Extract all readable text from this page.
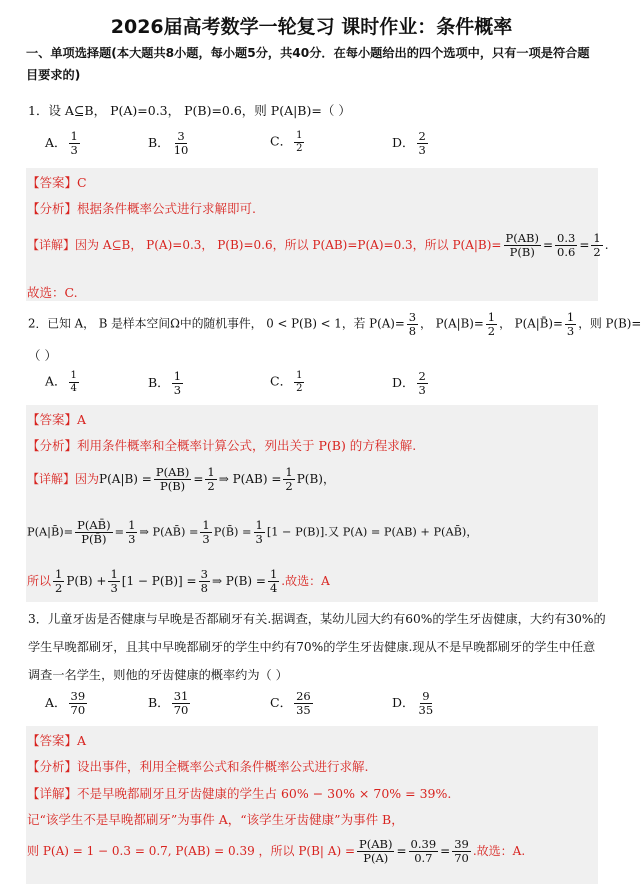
2026届高考数学一轮复习 课时作业：条件概率
一、单项选择题(本大题共8小题，每小题5分，共40分．在每小题给出的四个选项中，只有一项是符合题
目要求的)
1．设 A⊆B， P(A)=0.3， P(B)=0.6，则 P(A|B)=（ ）
A． $\frac{1}{3}$	B． $\frac{3}{10}$	C． $\frac{1}{2}$	D． $\frac{2}{3}$
【答案】C
【分析】根据条件概率公式进行求解即可.
【详解】因为 A⊆B， P(A)=0.3， P(B)=0.6，所以 P(AB)=P(A)=0.3，所以 $P(A|B)= \frac{P(AB)}{P(B)} = \frac{0.3}{0.6} = \frac{1}{2}$ .
故选：C.
2．已知 A， B 是样本空间Ω中的随机事件， 0 < P(B) < 1，若 $P(A)= \frac{3}{8}$ ， $P(A|B)= \frac{1}{2}$ ， P(A|B̄)= $\frac{1}{3}$ ，则 P(B)=
（ ）
A． $\frac{1}{4}$	B． $\frac{1}{3}$	C． $\frac{1}{2}$	D． $\frac{2}{3}$
【答案】A
【分析】利用条件概率和全概率计算公式，列出关于 P(B) 的方程求解.
【详解】因为$P(A|B) = \frac{P(AB)}{P(B)} = \frac{1}{2}$ ⇒ $P(AB) = \frac{1}{2} P(B)$，
P(A|B̄)= $\frac{P(AB̄)}{P(B̄)} = \frac{1}{3}$ ⇒ P(AB̄) = $\frac{1}{3}$ P(B̄) = $\frac{1}{3} [1 - P(B)]$.又 P(A) = P(AB) + P(AB̄)，
所以 $\frac{1}{2} P(B) + \frac{1}{3} [1 - P(B)] = \frac{3}{8}$ ⇒ $P(B) = \frac{1}{4}$ .故选：A
3．儿童牙齿是否健康与早晚是否都刷牙有关.据调查，某幼儿园大约有60%的学生牙齿健康，大约有30%的
学生早晚都刷牙，且其中早晚都刷牙的学生中约有70%的学生牙齿健康.现从不是早晚都刷牙的学生中任意
调查一名学生，则他的牙齿健康的概率约为（ ）
A． $\frac{39}{70}$	B． $\frac{31}{70}$	C． $\frac{26}{35}$	D． $\frac{9}{35}$
【答案】A
【分析】设出事件，利用全概率公式和条件概率公式进行求解.
【详解】不是早晚都刷牙且牙齿健康的学生占 60% − 30% × 70% = 39%.
记“该学生不是早晚都刷牙”为事件 A，“该学生牙齿健康”为事件 B，
则 P(A) = 1 − 0.3 = 0.7, P(AB) = 0.39 ，所以 P(B| $A) = \frac{P(AB)}{P(A)} = \frac{0.39}{0.7} = \frac{39}{70}$ .故选：A.
